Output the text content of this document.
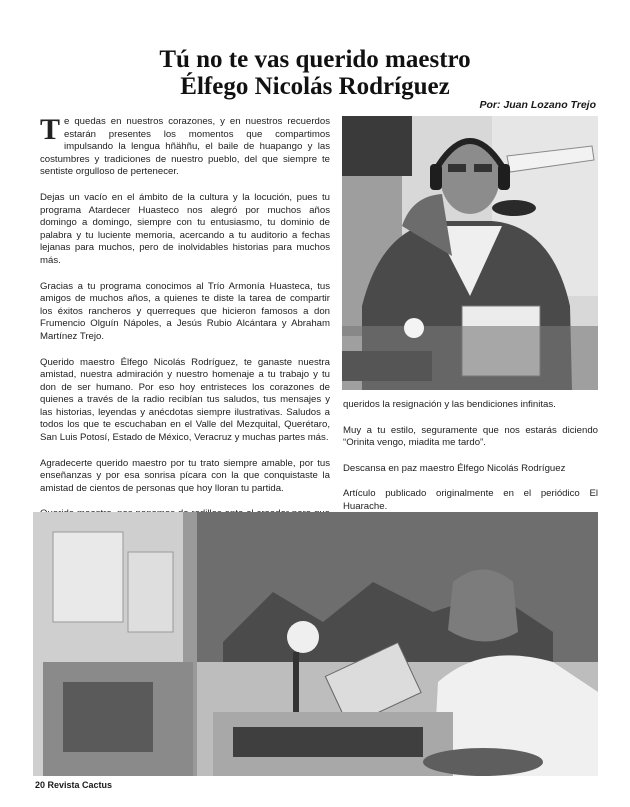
Tú no te vas querido maestro
Élfego Nicolás Rodríguez
Por: Juan Lozano Trejo

Te quedas en nuestros corazones, y en nuestros recuerdos estarán presentes los momentos que compartimos impulsando la lengua hñähñu, el baile de huapango y las costumbres y tradiciones de nuestro pueblo, del que siempre te sentiste orgulloso de pertenecer.

Dejas un vacío en el ámbito de la cultura y la locución, pues tu programa Atardecer Huasteco nos alegró por muchos años domingo a domingo, siempre con tu entusiasmo, tu dominio de palabra y tu luciente memoria, acercando a tu auditorio a fechas lejanas para muchos, pero de inolvidables historias para muchos más.

Gracias a tu programa conocimos al Trío Armonía Huasteca, tus amigos de muchos años, a quienes te diste la tarea de compartir los éxitos rancheros y querreques que hicieron famosos a don Frumencio Olguín Nápoles, a Jesús Rubio Alcántara y Abraham Martínez Trejo.

Querido maestro Élfego Nicolás Rodríguez, te ganaste nuestra amistad, nuestra admiración y nuestro homenaje a tu trabajo y tu don de ser humano. Por eso hoy entristeces los corazones de quienes a través de la radio recibían tus saludos, tus mensajes y las historias, leyendas y anécdotas siempre ilustrativas. Saludos a todos los que te escuchaban en el Valle del Mezquital, Querétaro, San Luis Potosí, Estado de México, Veracruz y muchas partes más.

Agradecerte querido maestro por tu trato siempre amable, por tus enseñanzas y por esa sonrisa pícara con la que conquistaste la amistad de cientos de personas que hoy lloran tu partida.

queridos la resignación y las bendiciones infinitas.

Muy a tu estilo, seguramente que nos estarás diciendo “Orinita vengo, miadita me tardo”.

Descansa en paz maestro Élfego Nicolás Rodríguez

Artículo publicado originalmente en el periódico El Huarache.

20 Revista Cactus
